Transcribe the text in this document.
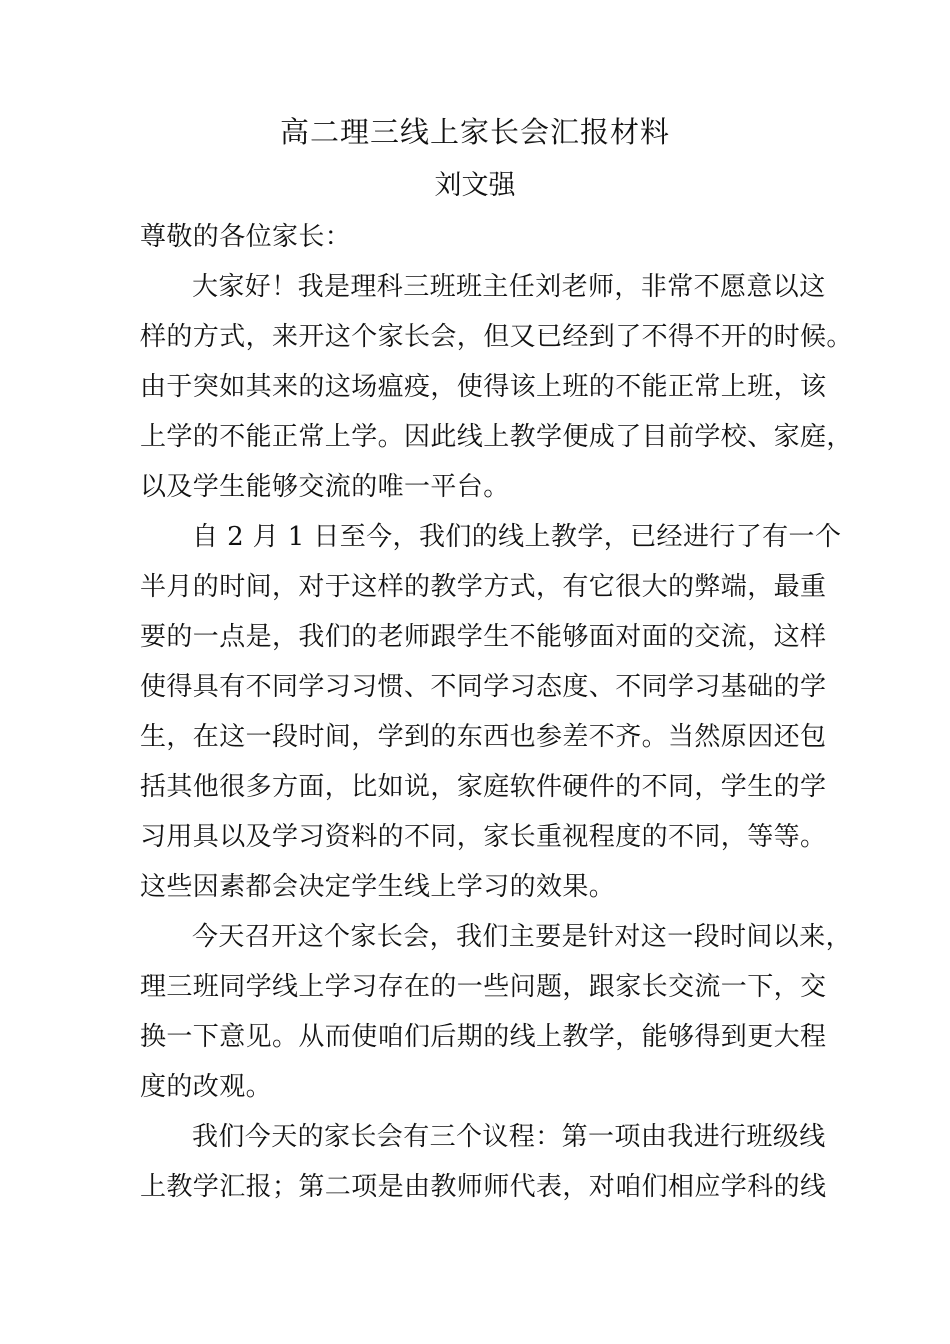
高二理三线上家长会汇报材料
刘文强
尊敬的各位家长：
大家好！我是理科三班班主任刘老师，非常不愿意以这
样的方式，来开这个家长会，但又已经到了不得不开的时候。
由于突如其来的这场瘟疫，使得该上班的不能正常上班，该
上学的不能正常上学。因此线上教学便成了目前学校、家庭，
以及学生能够交流的唯一平台。
自 2 月 1 日至今，我们的线上教学，已经进行了有一个
半月的时间，对于这样的教学方式，有它很大的弊端，最重
要的一点是，我们的老师跟学生不能够面对面的交流，这样
使得具有不同学习习惯、不同学习态度、不同学习基础的学
生，在这一段时间，学到的东西也参差不齐。当然原因还包
括其他很多方面，比如说，家庭软件硬件的不同，学生的学
习用具以及学习资料的不同，家长重视程度的不同，等等。
这些因素都会决定学生线上学习的效果。
今天召开这个家长会，我们主要是针对这一段时间以来，
理三班同学线上学习存在的一些问题，跟家长交流一下，交
换一下意见。从而使咱们后期的线上教学，能够得到更大程
度的改观。
我们今天的家长会有三个议程：第一项由我进行班级线
上教学汇报；第二项是由教师师代表，对咱们相应学科的线
